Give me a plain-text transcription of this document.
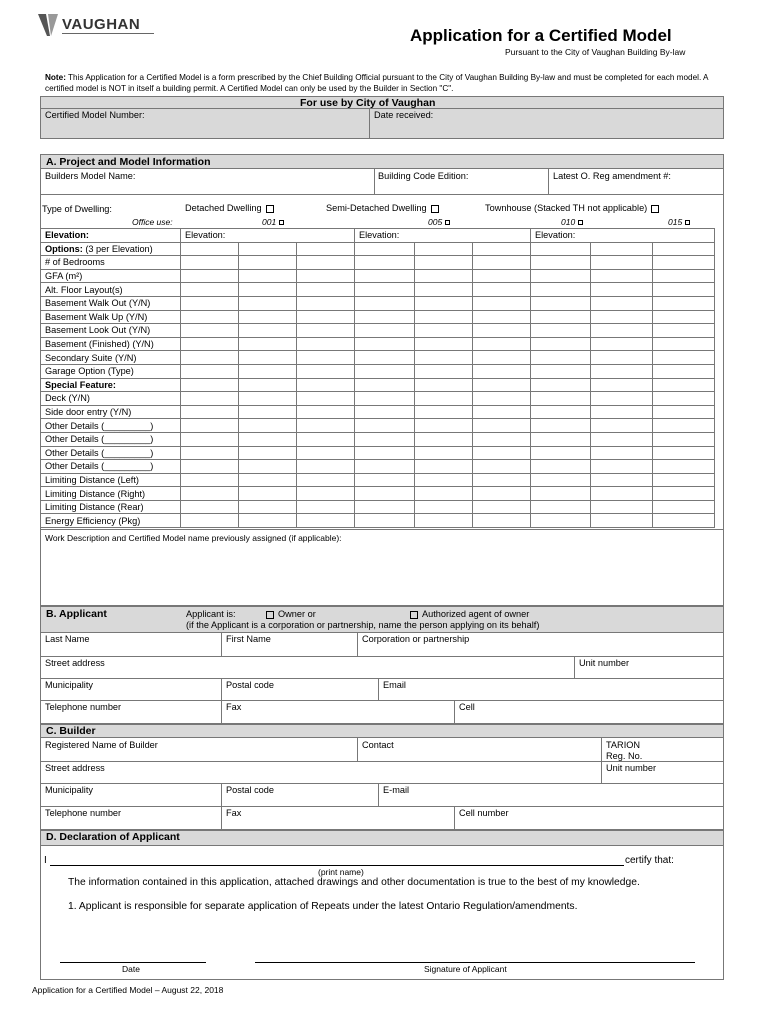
VAUGHAN
Application for a Certified Model
Pursuant to the City of Vaughan Building By-law
Note: This Application for a Certified Model is a form prescribed by the Chief Building Official pursuant to the City of Vaughan Building By-law and must be completed for each model. A certified model is NOT in itself a building permit. A Certified Model can only be used by the Builder in Section "C".
For use by City of Vaughan
Certified Model Number:	Date received:
A. Project and Model Information
Builders Model Name:	Building Code Edition:	Latest O. Reg amendment #:
Type of Dwelling:	Detached Dwelling	Semi-Detached Dwelling	Townhouse (Stacked TH not applicable)
Office use:	001	005	010	015
Elevation:	Elevation:			Elevation:			Elevation:		
Options: (3 per Elevation)									
# of Bedrooms									
GFA (m²)									
Alt. Floor Layout(s)									
Basement Walk Out (Y/N)									
Basement Walk Up (Y/N)									
Basement Look Out (Y/N)									
Basement (Finished) (Y/N)									
Secondary Suite (Y/N)									
Garage Option (Type)									
Special Feature:									
Deck (Y/N)									
Side door entry (Y/N)									
Other Details (_________)									
Other Details (_________)									
Other Details (_________)									
Other Details (_________)									
Limiting Distance (Left)									
Limiting Distance (Right)									
Limiting Distance (Rear)									
Energy Efficiency (Pkg)									
Work Description and Certified Model name previously assigned (if applicable):
B. Applicant	Applicant is:	Owner or	Authorized agent of owner
(if the Applicant is a corporation or partnership, name the person applying on its behalf)
Last Name	First Name	Corporation or partnership
Street address	Unit number
Municipality	Postal code	Email
Telephone number	Fax	Cell
C. Builder
Registered Name of Builder	Contact	TARION
Reg. No.
Street address	Unit number
Municipality	Postal code	E-mail
Telephone number	Fax	Cell number
D. Declaration of Applicant
I	certify that:
(print name)
The information contained in this application, attached drawings and other documentation is true to the best of my knowledge.
1. Applicant is responsible for separate application of Repeats under the latest Ontario Regulation/amendments.
Date	Signature of Applicant
Application for a Certified Model – August 22, 2018
